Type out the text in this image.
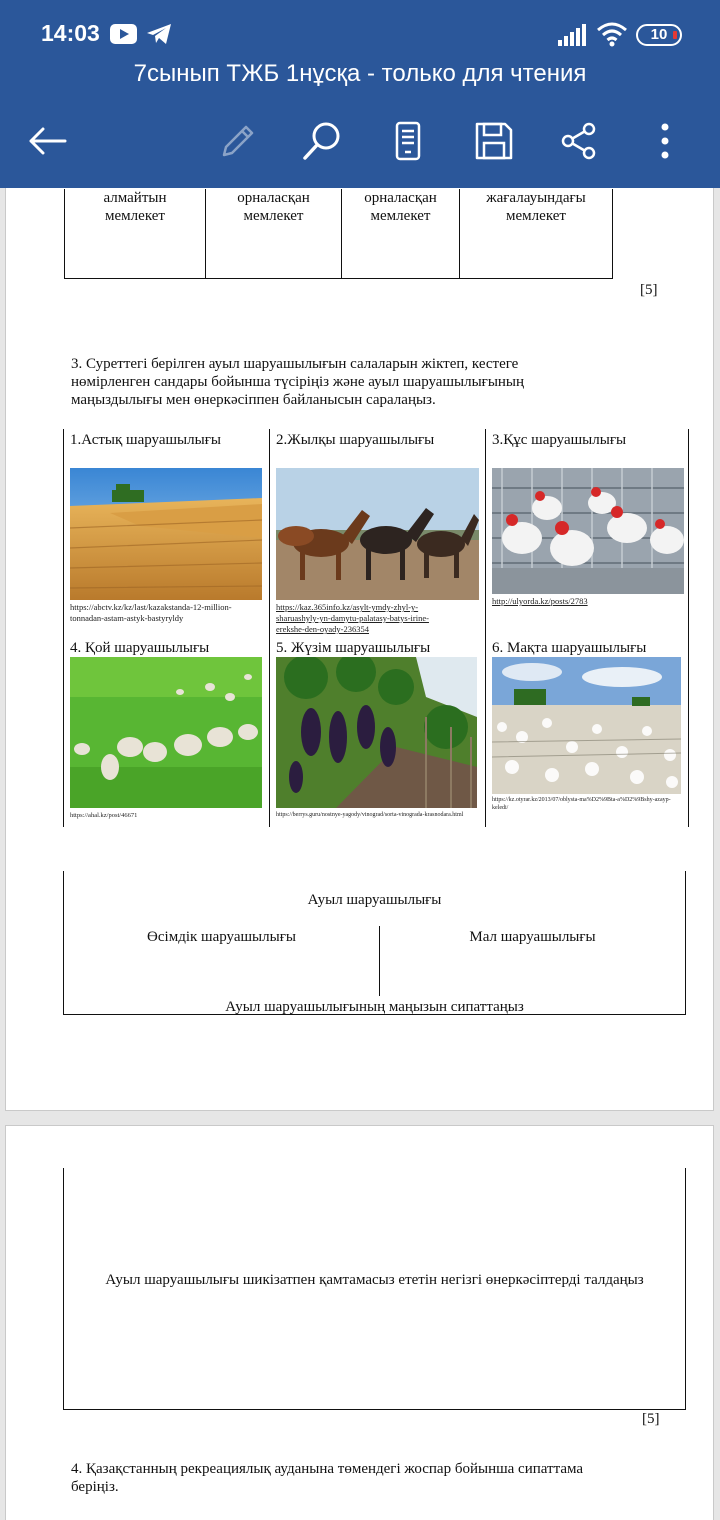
14:03	10
7сынып ТЖБ 1нұсқа - только для чтения
алмайтын
мемлекет
орналасқан
мемлекет
орналасқан
мемлекет
жағалауындағы
мемлекет
[5]
3. Суреттегі берілген ауыл шаруашылығын салаларын жіктеп, кестеге
нөмірленген сандары бойынша түсіріңіз және ауыл шаруашылығының
маңыздылығы мен өнеркәсіппен байланысын саралаңыз.
1.Астық шаруашылығы
https://abctv.kz/kz/last/kazakstanda-12-million-
tonnadan-astam-astyk-bastyryldy
2.Жылқы шаруашылығы
https://kaz.365info.kz/asylt-ymdy-zhyl-y-
sharuashyly-yn-damytu-palatasy-batys-irine-
erekshe-den-oyady-236354
3.Құс шаруашылығы
http://ulyorda.kz/posts/2783
4. Қой шаруашылығы
https://ahal.kz/post/46671
5. Жүзім шаруашылығы
https://berrys.guru/nostnye-yagody/vinograd/sorta-vinograda-krasnodara.html
6. Мақта шаруашылығы
https://kz.otyrar.kz/2013/07/oblysta-ma%D2%9Bta-a%D2%9Bshy-azayp-
keledi/
Ауыл шаруашылығы
Өсімдік шаруашылығы	Мал шаруашылығы
Ауыл шаруашылығының маңызын сипаттаңыз
Ауыл шаруашылығы шикізатпен қамтамасыз ететін негізгі өнеркәсіптерді талдаңыз
[5]
4. Қазақстанның рекреациялық ауданына төмендегі жоспар бойынша сипаттама
беріңіз.
